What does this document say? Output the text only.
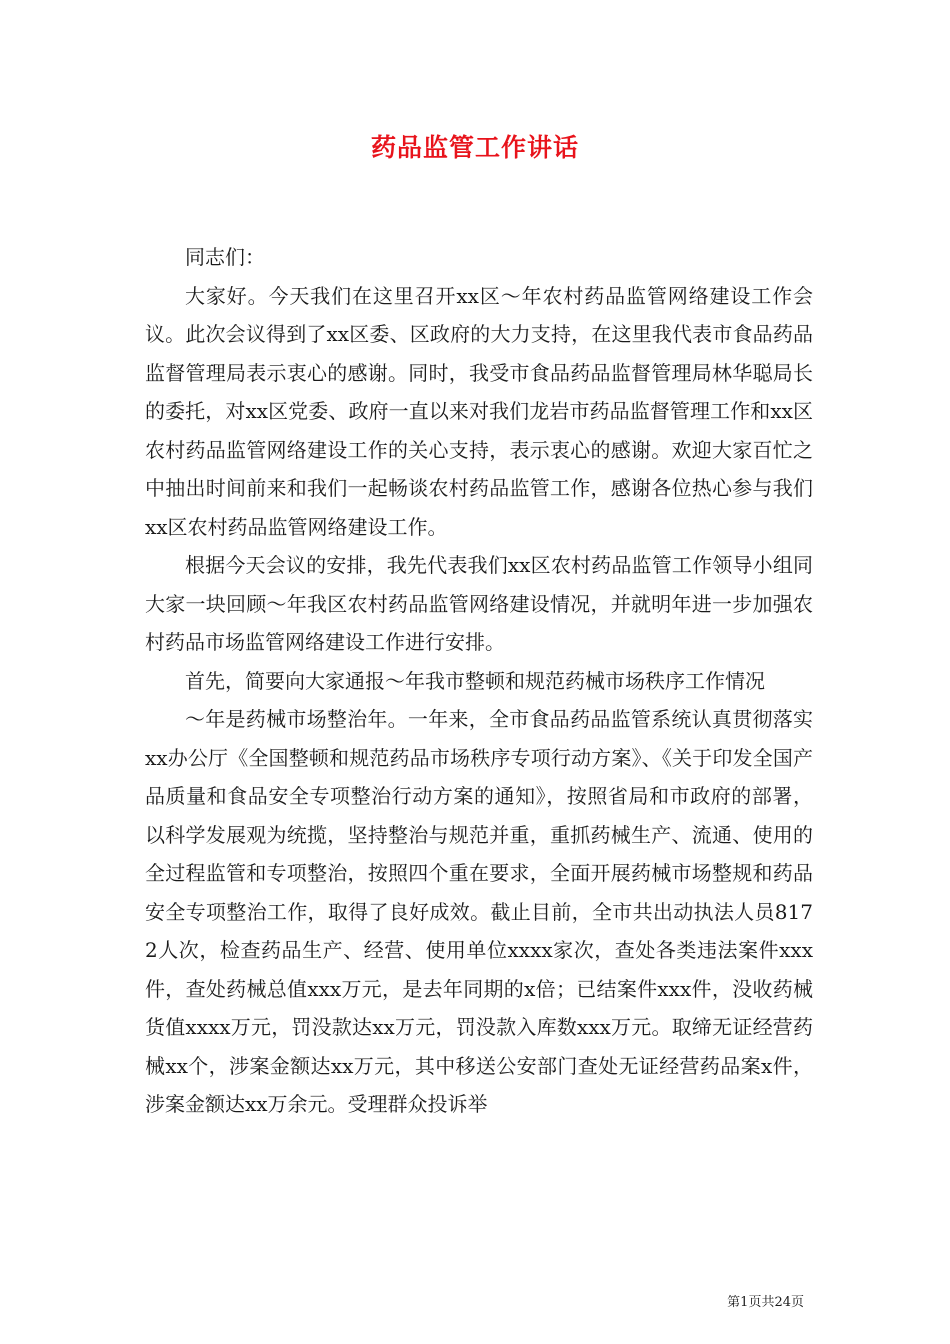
药品监管工作讲话

同志们：

大家好。今天我们在这里召开xx区～年农村药品监管网络建设工作会议。此次会议得到了xx区委、区政府的大力支持，在这里我代表市食品药品监督管理局表示衷心的感谢。同时，我受市食品药品监督管理局林华聪局长的委托，对xx区党委、政府一直以来对我们龙岩市药品监督管理工作和xx区农村药品监管网络建设工作的关心支持，表示衷心的感谢。欢迎大家百忙之中抽出时间前来和我们一起畅谈农村药品监管工作，感谢各位热心参与我们xx区农村药品监管网络建设工作。

根据今天会议的安排，我先代表我们xx区农村药品监管工作领导小组同大家一块回顾～年我区农村药品监管网络建设情况，并就明年进一步加强农村药品市场监管网络建设工作进行安排。

首先，简要向大家通报～年我市整顿和规范药械市场秩序工作情况

～年是药械市场整治年。一年来，全市食品药品监管系统认真贯彻落实xx办公厅《全国整顿和规范药品市场秩序专项行动方案》、《关于印发全国产品质量和食品安全专项整治行动方案的通知》，按照省局和市政府的部署，以科学发展观为统揽，坚持整治与规范并重，重抓药械生产、流通、使用的全过程监管和专项整治，按照四个重在要求，全面开展药械市场整规和药品安全专项整治工作，取得了良好成效。截止目前，全市共出动执法人员8172人次，检查药品生产、经营、使用单位xxxx家次，查处各类违法案件xxx件，查处药械总值xxx万元，是去年同期的x倍；已结案件xxx件，没收药械货值xxxx万元，罚没款达xx万元，罚没款入库数xxx万元。取缔无证经营药械xx个，涉案金额达xx万元，其中移送公安部门查处无证经营药品案x件，涉案金额达xx万余元。受理群众投诉举

第1页共24页
